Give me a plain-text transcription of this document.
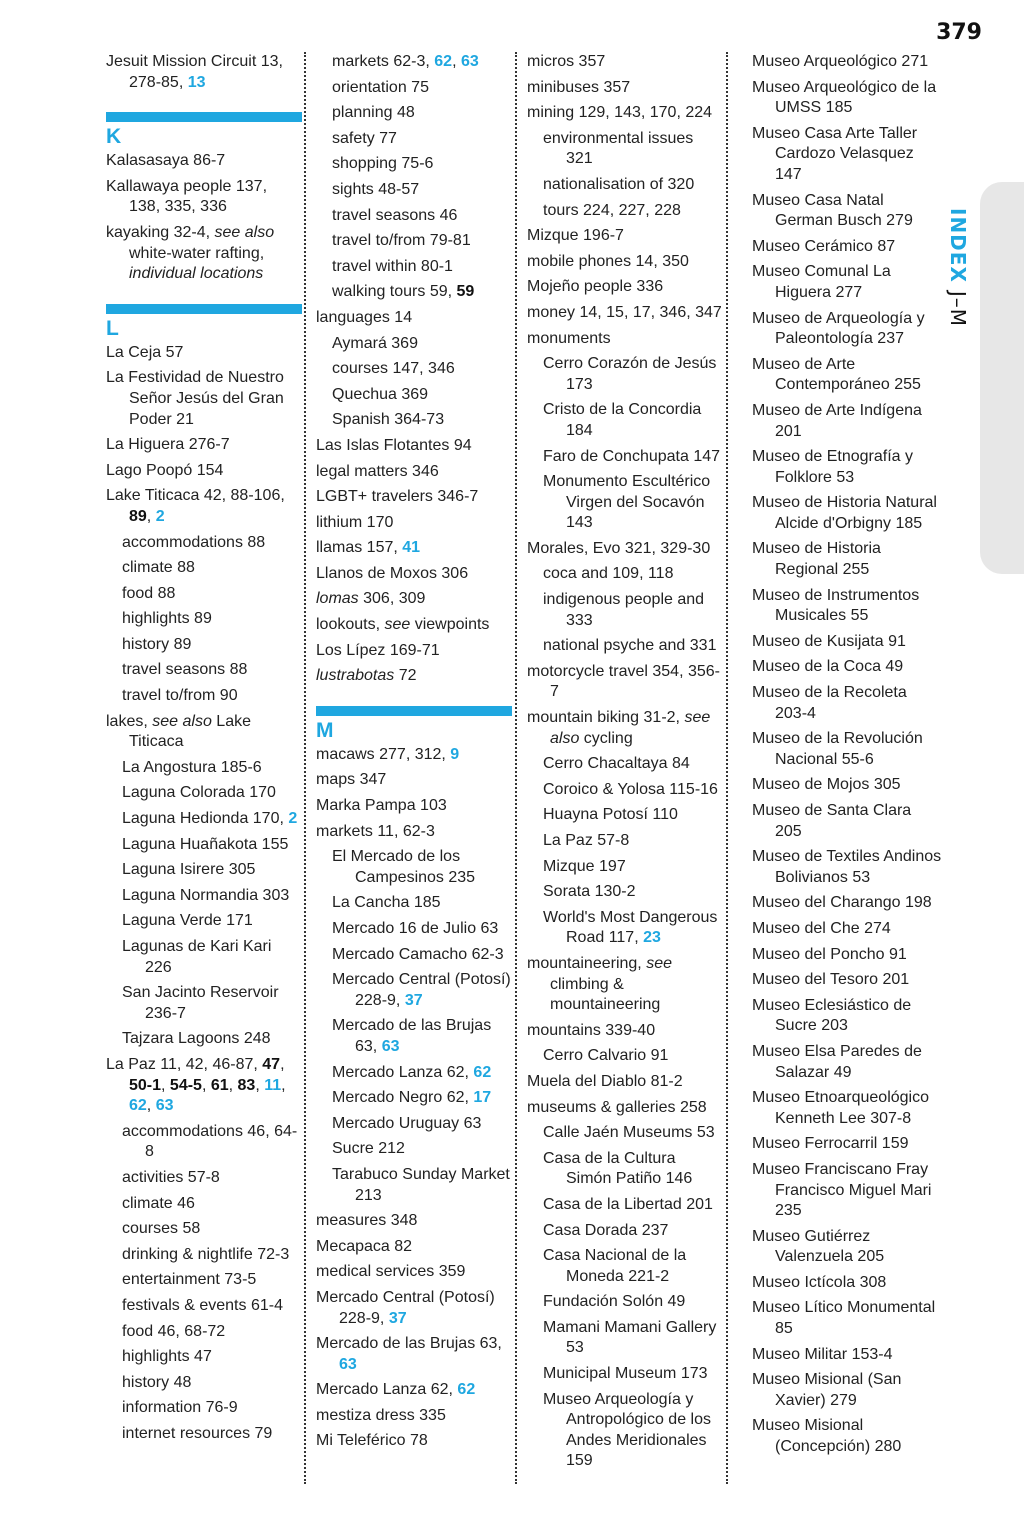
INDEX J–M
379
Jesuit Mission Circuit 13, 278-85, 13
K
Kalasasaya 86-7
Kallawaya people 137, 138, 335, 336
kayaking 32-4, see also white-water rafting, individual locations
L
La Ceja 57
La Festividad de Nuestro Señor Jesús del Gran Poder 21
La Higuera 276-7
Lago Poopó 154
Lake Titicaca 42, 88-106, 89, 2
accommodations 88
climate 88
food 88
highlights 89
history 89
travel seasons 88
travel to/from 90
lakes, see also Lake Titicaca
La Angostura 185-6
Laguna Colorada 170
Laguna Hedionda 170, 2
Laguna Huañakota 155
Laguna Isirere 305
Laguna Normandia 303
Laguna Verde 171
Lagunas de Kari Kari 226
San Jacinto Reservoir 236-7
Tajzara Lagoons 248
La Paz 11, 42, 46-87, 47, 50-1, 54-5, 61, 83, 11, 62, 63
accommodations 46, 64-8
activities 57-8
climate 46
courses 58
drinking & nightlife 72-3
entertainment 73-5
festivals & events 61-4
food 46, 68-72
highlights 47
history 48
information 76-9
internet resources 79
markets 62-3, 62, 63
orientation 75
planning 48
safety 77
shopping 75-6
sights 48-57
travel seasons 46
travel to/from 79-81
travel within 80-1
walking tours 59, 59
languages 14
Aymará 369
courses 147, 346
Quechua 369
Spanish 364-73
Las Islas Flotantes 94
legal matters 346
LGBT+ travelers 346-7
lithium 170
llamas 157, 41
Llanos de Moxos 306
lomas 306, 309
lookouts, see viewpoints
Los Lípez 169-71
lustrabotas 72
M
macaws 277, 312, 9
maps 347
Marka Pampa 103
markets 11, 62-3
El Mercado de los Campesinos 235
La Cancha 185
Mercado 16 de Julio 63
Mercado Camacho 62-3
Mercado Central (Potosí) 228-9, 37
Mercado de las Brujas 63, 63
Mercado Lanza 62, 62
Mercado Negro 62, 17
Mercado Uruguay 63
Sucre 212
Tarabuco Sunday Market 213
measures 348
Mecapaca 82
medical services 359
Mercado Central (Potosí) 228-9, 37
Mercado de las Brujas 63, 63
Mercado Lanza 62, 62
mestiza dress 335
Mi Teleférico 78
micros 357
minibuses 357
mining 129, 143, 170, 224
environmental issues 321
nationalisation of 320
tours 224, 227, 228
Mizque 196-7
mobile phones 14, 350
Mojeño people 336
money 14, 15, 17, 346, 347
monuments
Cerro Corazón de Jesús 173
Cristo de la Concordia 184
Faro de Conchupata 147
Monumento Escultérico Virgen del Socavón 143
Morales, Evo 321, 329-30
coca and 109, 118
indigenous people and 333
national psyche and 331
motorcycle travel 354, 356-7
mountain biking 31-2, see also cycling
Cerro Chacaltaya 84
Coroico & Yolosa 115-16
Huayna Potosí 110
La Paz 57-8
Mizque 197
Sorata 130-2
World's Most Dangerous Road 117, 23
mountaineering, see climbing & mountaineering
mountains 339-40
Cerro Calvario 91
Muela del Diablo 81-2
museums & galleries 258
Calle Jaén Museums 53
Casa de la Cultura Simón Patiño 146
Casa de la Libertad 201
Casa Dorada 237
Casa Nacional de la Moneda 221-2
Fundación Solón 49
Mamani Mamani Gallery 53
Municipal Museum 173
Museo Arqueología y Antropológico de los Andes Meridionales 159
Museo Arqueológico 271
Museo Arqueológico de la UMSS 185
Museo Casa Arte Taller Cardozo Velasquez 147
Museo Casa Natal German Busch 279
Museo Cerámico 87
Museo Comunal La Higuera 277
Museo de Arqueología y Paleontología 237
Museo de Arte Contemporáneo 255
Museo de Arte Indígena 201
Museo de Etnografía y Folklore 53
Museo de Historia Natural Alcide d'Orbigny 185
Museo de Historia Regional 255
Museo de Instrumentos Musicales 55
Museo de Kusijata 91
Museo de la Coca 49
Museo de la Recoleta 203-4
Museo de la Revolución Nacional 55-6
Museo de Mojos 305
Museo de Santa Clara 205
Museo de Textiles Andinos Bolivianos 53
Museo del Charango 198
Museo del Che 274
Museo del Poncho 91
Museo del Tesoro 201
Museo Eclesiástico de Sucre 203
Museo Elsa Paredes de Salazar 49
Museo Etnoarqueológico Kenneth Lee 307-8
Museo Ferrocarril 159
Museo Franciscano Fray Francisco Miguel Mari 235
Museo Gutiérrez Valenzuela 205
Museo Ictícola 308
Museo Lítico Monumental 85
Museo Militar 153-4
Museo Misional (San Xavier) 279
Museo Misional (Concepción) 280
